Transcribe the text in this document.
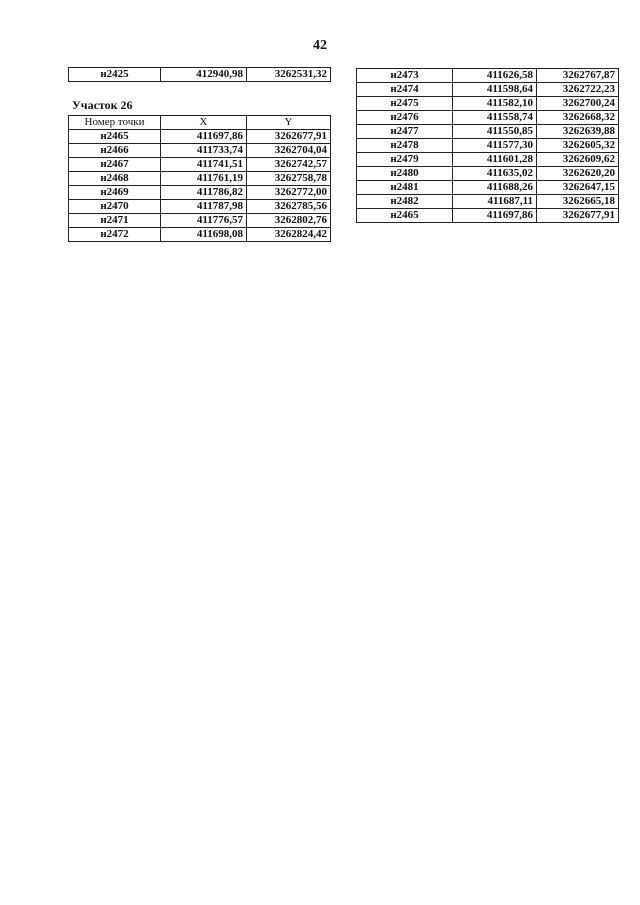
42
н2425	412940,98	3262531,32
Участок 26
Номер точки	X	Y
н2465	411697,86	3262677,91
н2466	411733,74	3262704,04
н2467	411741,51	3262742,57
н2468	411761,19	3262758,78
н2469	411786,82	3262772,00
н2470	411787,98	3262785,56
н2471	411776,57	3262802,76
н2472	411698,08	3262824,42
н2473	411626,58	3262767,87
н2474	411598,64	3262722,23
н2475	411582,10	3262700,24
н2476	411558,74	3262668,32
н2477	411550,85	3262639,88
н2478	411577,30	3262605,32
н2479	411601,28	3262609,62
н2480	411635,02	3262620,20
н2481	411688,26	3262647,15
н2482	411687,11	3262665,18
н2465	411697,86	3262677,91
